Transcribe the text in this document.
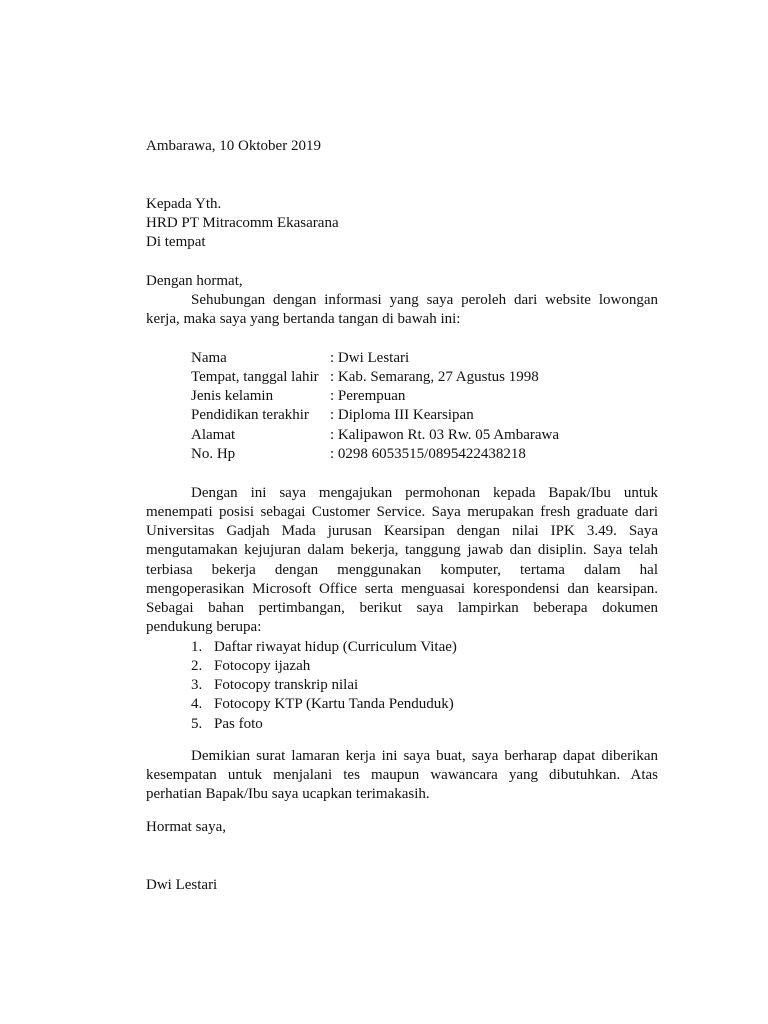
Ambarawa, 10 Oktober 2019
Kepada Yth.
HRD PT Mitracomm Ekasarana
Di tempat
Dengan hormat,
Sehubungan dengan informasi yang saya peroleh dari website lowongan
kerja, maka saya yang bertanda tangan di bawah ini:
Nama	: Dwi Lestari
Tempat, tanggal lahir : Kab. Semarang, 27 Agustus 1998
Jenis kelamin	: Perempuan
Pendidikan terakhir : Diploma III Kearsipan
Alamat	: Kalipawon Rt. 03 Rw. 05 Ambarawa
No. Hp	: 0298 6053515/0895422438218
Dengan ini saya mengajukan permohonan kepada Bapak/Ibu untuk
menempati posisi sebagai Customer Service. Saya merupakan fresh graduate dari
Universitas Gadjah Mada jurusan Kearsipan dengan nilai IPK 3.49. Saya
mengutamakan kejujuran dalam bekerja, tanggung jawab dan disiplin. Saya telah
terbiasa bekerja dengan menggunakan komputer, tertama dalam hal
mengoperasikan Microsoft Office serta menguasai korespondensi dan kearsipan.
Sebagai bahan pertimbangan, berikut saya lampirkan beberapa dokumen
pendukung berupa:
1. Daftar riwayat hidup (Curriculum Vitae)
2. Fotocopy ijazah
3. Fotocopy transkrip nilai
4. Fotocopy KTP (Kartu Tanda Penduduk)
5. Pas foto
Demikian surat lamaran kerja ini saya buat, saya berharap dapat diberikan
kesempatan untuk menjalani tes maupun wawancara yang dibutuhkan. Atas
perhatian Bapak/Ibu saya ucapkan terimakasih.
Hormat saya,
Dwi Lestari
